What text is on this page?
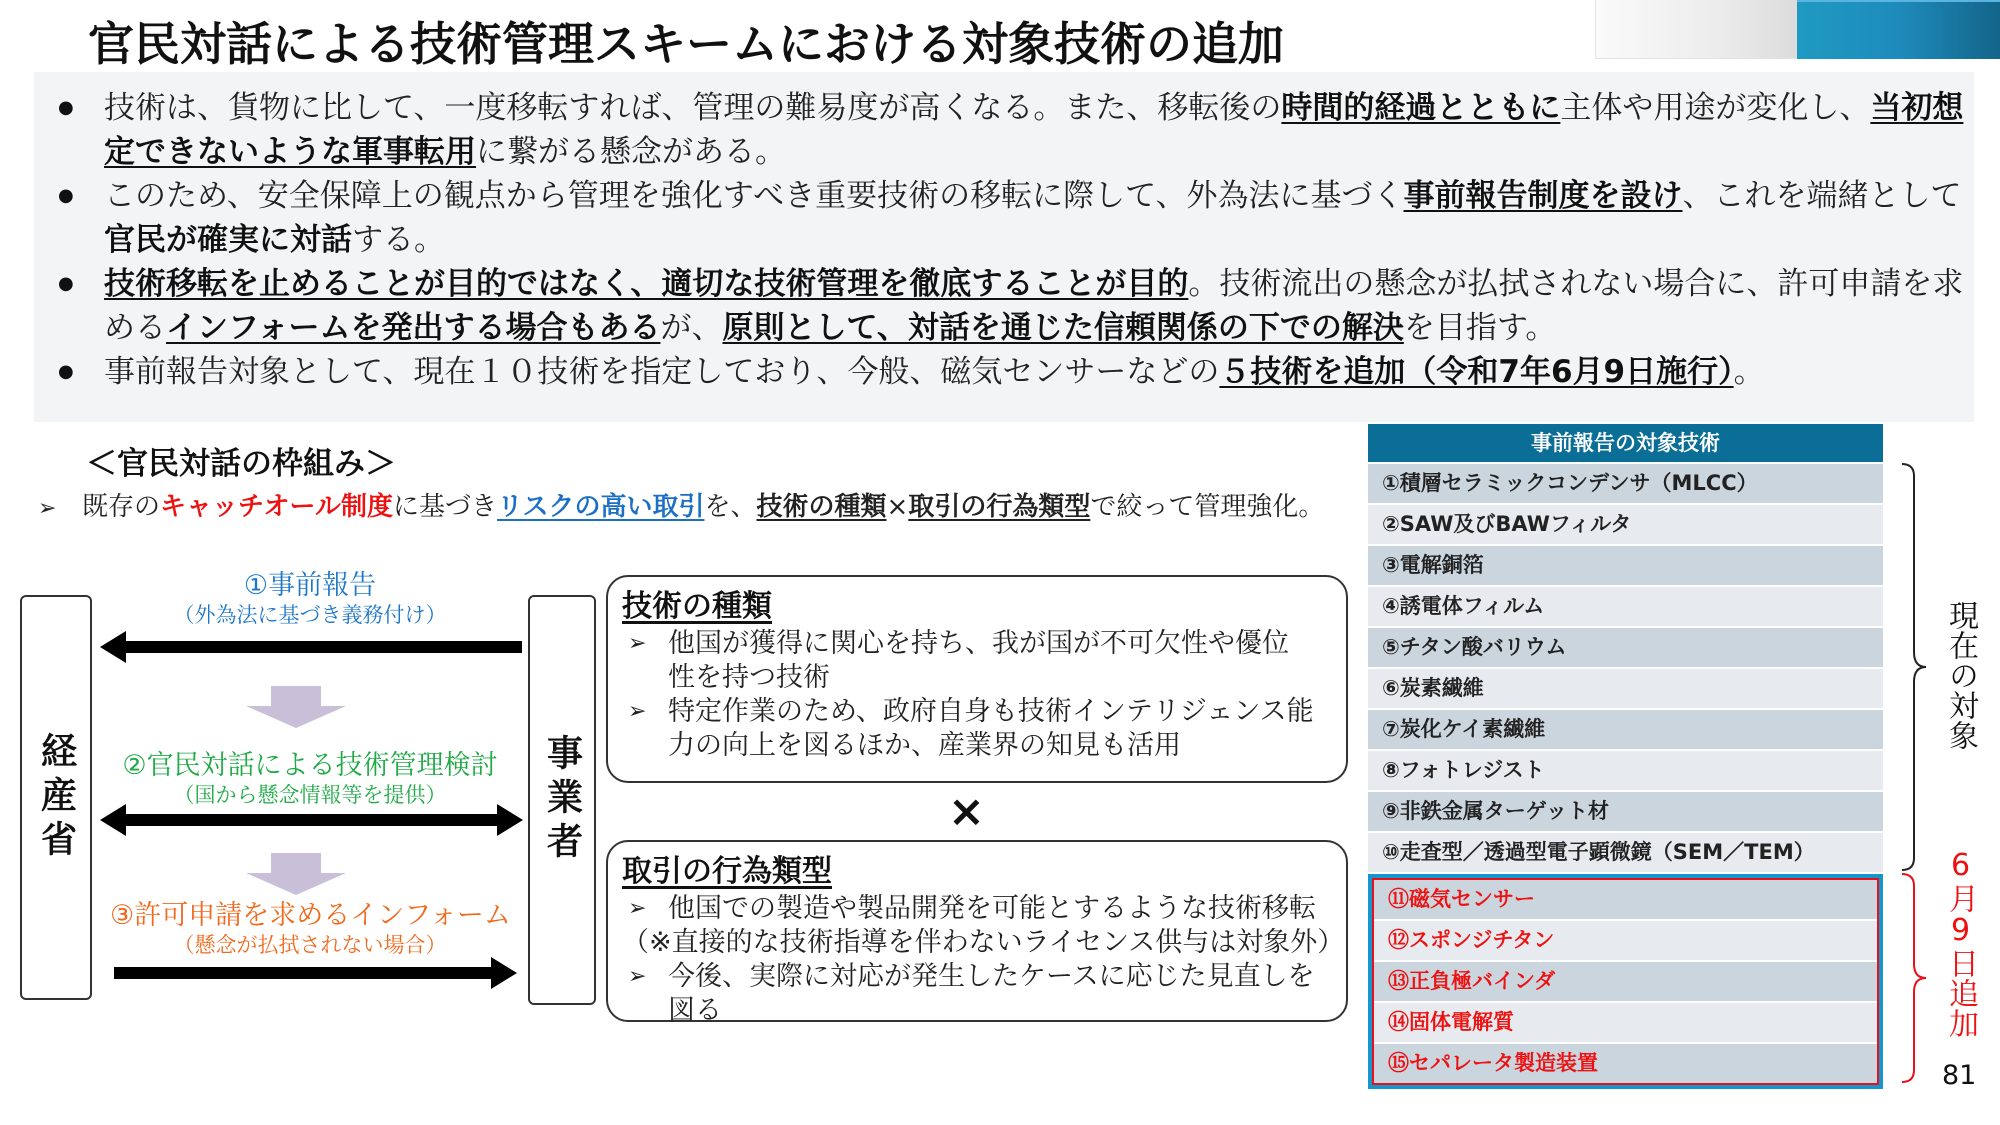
官民対話による技術管理スキームにおける対象技術の追加
● 技術は、貨物に比して、一度移転すれば、管理の難易度が高くなる。また、移転後の時間的経過とともに主体や用途が変化し、当初想定できないような軍事転用に繋がる懸念がある。
● このため、安全保障上の観点から管理を強化すべき重要技術の移転に際して、外為法に基づく事前報告制度を設け、これを端緒として官民が確実に対話する。
● 技術移転を止めることが目的ではなく、適切な技術管理を徹底することが目的。技術流出の懸念が払拭されない場合に、許可申請を求めるインフォームを発出する場合もあるが、原則として、対話を通じた信頼関係の下での解決を目指す。
● 事前報告対象として、現在１０技術を指定しており、今般、磁気センサーなどの５技術を追加（令和7年6月9日施行）。
＜官民対話の枠組み＞
➢ 既存のキャッチオール制度に基づきリスクの高い取引を、技術の種類×取引の行為類型で絞って管理強化。
経産省	事業者
①事前報告
（外為法に基づき義務付け）
②官民対話による技術管理検討
（国から懸念情報等を提供）
③許可申請を求めるインフォーム
（懸念が払拭されない場合）
技術の種類

➢ 他国が獲得に関心を持ち、我が国が不可欠性や優位

性を持つ技術

➢ 特定作業のため、政府自身も技術インテリジェンス能

力の向上を図るほか、産業界の知見も活用

×
取引の行為類型

➢ 他国での製造や製品開発を可能とするような技術移転

（※直接的な技術指導を伴わないライセンス供与は対象外）

➢ 今後、実際に対応が発生したケースに応じた見直しを図る

事前報告の対象技術
①積層セラミックコンデンサ（MLCC）
②SAW及びBAWフィルタ
③電解銅箔
④誘電体フィルム
⑤チタン酸バリウム
⑥炭素繊維
⑦炭化ケイ素繊維
⑧フォトレジスト
⑨非鉄金属ターゲット材
⑩走査型／透過型電子顕微鏡（SEM／TEM）
⑪磁気センサー
⑫スポンジチタン
⑬正負極バインダ
⑭固体電解質
⑮セパレータ製造装置
現在の対象
6月9日追加
81
